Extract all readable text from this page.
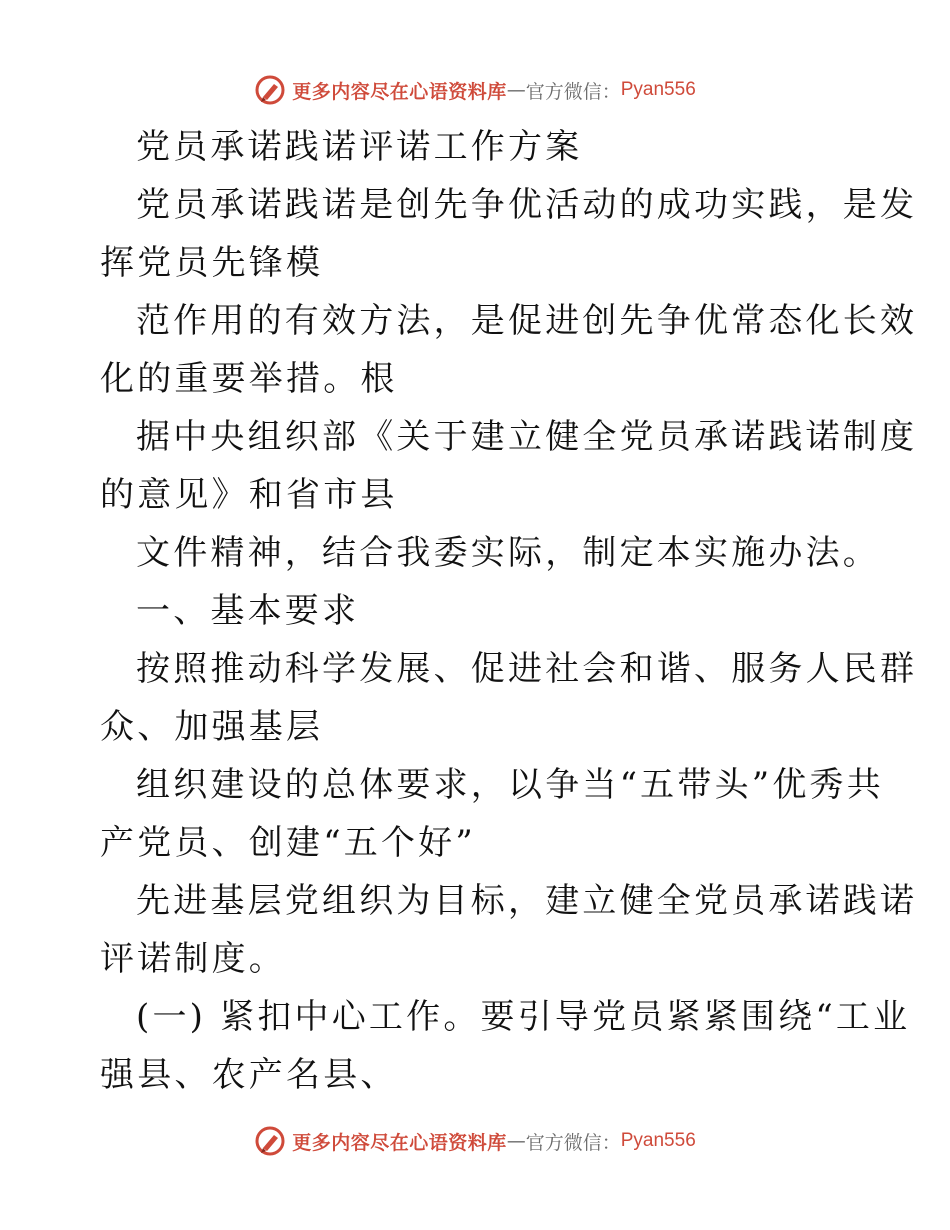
更多内容尽在心语资料库 — 官方微信： Pyan556
党员承诺践诺评诺工作方案
党员承诺践诺是创先争优活动的成功实践，是发
挥党员先锋模
范作用的有效方法，是促进创先争优常态化长效
化的重要举措。根
据中央组织部《关于建立健全党员承诺践诺制度
的意见》和省市县
文件精神，结合我委实际，制定本实施办法。
一、基本要求
按照推动科学发展、促进社会和谐、服务人民群
众、加强基层
组织建设的总体要求，以争当“五带头”优秀共
产党员、创建“五个好”
先进基层党组织为目标，建立健全党员承诺践诺
评诺制度。
(一) 紧扣中心工作。要引导党员紧紧围绕“工业
强县、农产名县、
更多内容尽在心语资料库 — 官方微信： Pyan556
